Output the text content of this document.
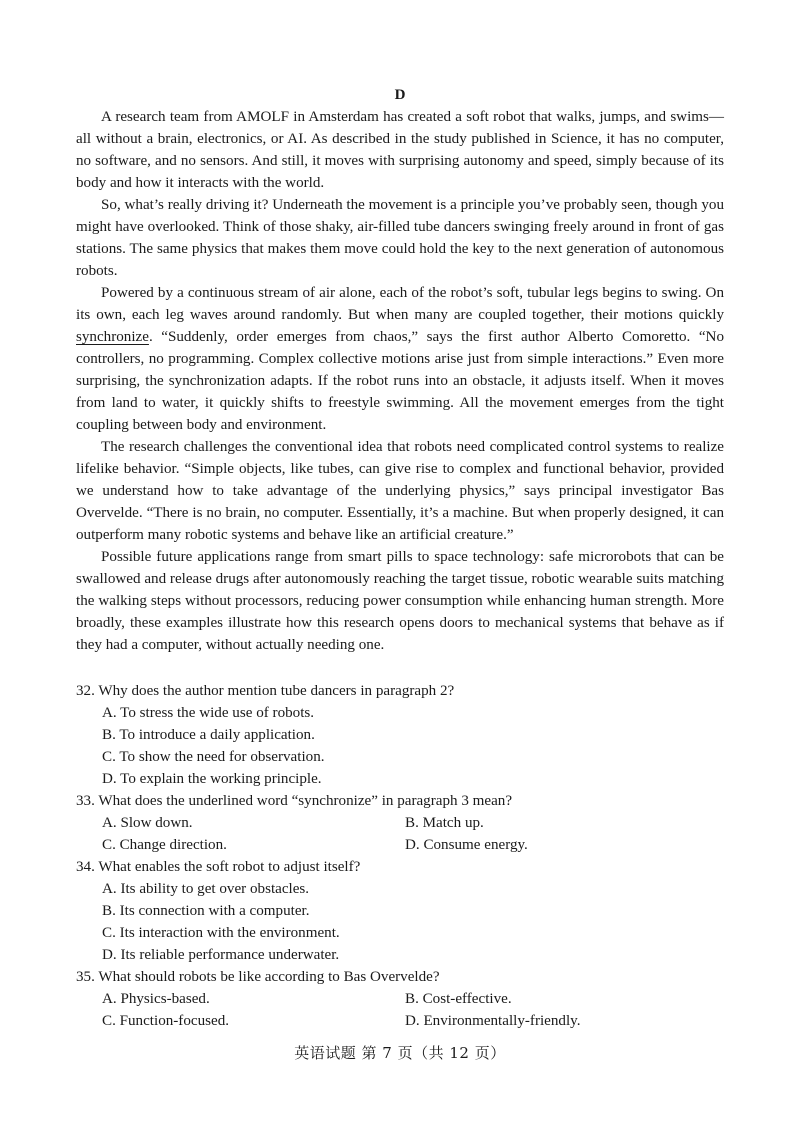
D

A research team from AMOLF in Amsterdam has created a soft robot that walks, jumps, and swims—all without a brain, electronics, or AI. As described in the study published in Science, it has no computer, no software, and no sensors. And still, it moves with surprising autonomy and speed, simply because of its body and how it interacts with the world.

So, what’s really driving it? Underneath the movement is a principle you’ve probably seen, though you might have overlooked. Think of those shaky, air-filled tube dancers swinging freely around in front of gas stations. The same physics that makes them move could hold the key to the next generation of autonomous robots.

Powered by a continuous stream of air alone, each of the robot’s soft, tubular legs begins to swing. On its own, each leg waves around randomly. But when many are coupled together, their motions quickly synchronize. “Suddenly, order emerges from chaos,” says the first author Alberto Comoretto. “No controllers, no programming. Complex collective motions arise just from simple interactions.” Even more surprising, the synchronization adapts. If the robot runs into an obstacle, it adjusts itself. When it moves from land to water, it quickly shifts to freestyle swimming. All the movement emerges from the tight coupling between body and environment.

The research challenges the conventional idea that robots need complicated control systems to realize lifelike behavior. “Simple objects, like tubes, can give rise to complex and functional behavior, provided we understand how to take advantage of the underlying physics,” says principal investigator Bas Overvelde. “There is no brain, no computer. Essentially, it’s a machine. But when properly designed, it can outperform many robotic systems and behave like an artificial creature.”

Possible future applications range from smart pills to space technology: safe microrobots that can be swallowed and release drugs after autonomously reaching the target tissue, robotic wearable suits matching the walking steps without processors, reducing power consumption while enhancing human strength. More broadly, these examples illustrate how this research opens doors to mechanical systems that behave as if they had a computer, without actually needing one.

32. Why does the author mention tube dancers in paragraph 2?

A. To stress the wide use of robots.

B. To introduce a daily application.

C. To show the need for observation.

D. To explain the working principle.

33. What does the underlined word “synchronize” in paragraph 3 mean?

A. Slow down.	B. Match up.
C. Change direction.	D. Consume energy.

34. What enables the soft robot to adjust itself?

A. Its ability to get over obstacles.

B. Its connection with a computer.

C. Its interaction with the environment.

D. Its reliable performance underwater.

35. What should robots be like according to Bas Overvelde?

A. Physics-based.	B. Cost-effective.
C. Function-focused.	D. Environmentally-friendly.
英语试题 第 7 页（共 12 页）
